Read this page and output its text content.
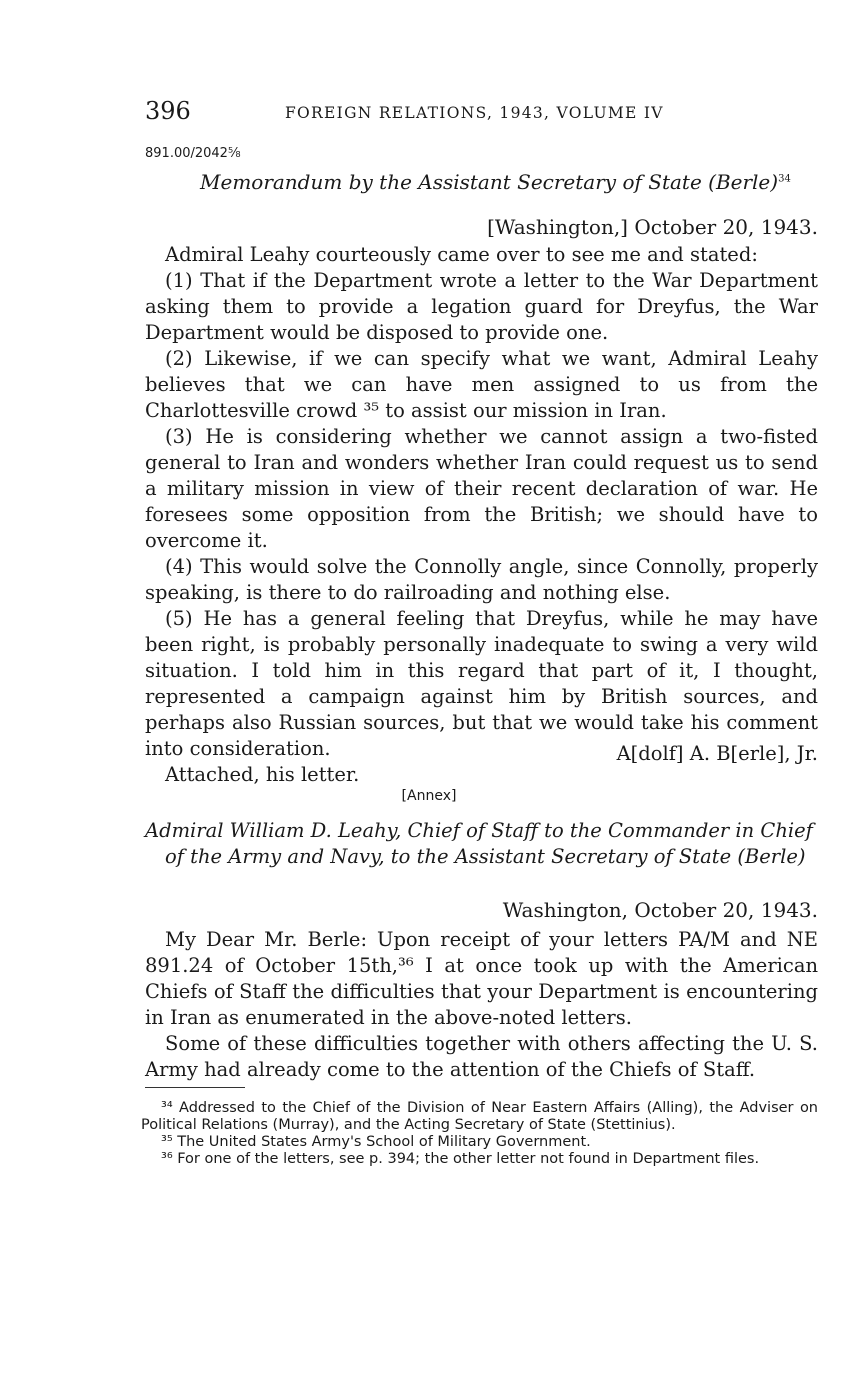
396	FOREIGN RELATIONS, 1943, VOLUME IV
891.00/2042⅝
Memorandum by the Assistant Secretary of State (Berle)$^{34}$
[Washington,] October 20, 1943.

Admiral Leahy courteously came over to see me and stated:

(1) That if the Department wrote a letter to the War Department asking them to provide a legation guard for Dreyfus, the War Department would be disposed to provide one.

(2) Likewise, if we can specify what we want, Admiral Leahy believes that we can have men assigned to us from the Charlottesville crowd ³⁵ to assist our mission in Iran.

(3) He is considering whether we cannot assign a two-fisted general to Iran and wonders whether Iran could request us to send a military mission in view of their recent declaration of war. He foresees some opposition from the British; we should have to overcome it.

(4) This would solve the Connolly angle, since Connolly, properly speaking, is there to do railroading and nothing else.

(5) He has a general feeling that Dreyfus, while he may have been right, is probably personally inadequate to swing a very wild situation. I told him in this regard that part of it, I thought, represented a campaign against him by British sources, and perhaps also Russian sources, but that we would take his comment into consideration.

Attached, his letter.

A[dolf] A. B[erle], Jr.
[Annex]
Admiral William D. Leahy, Chief of Staff to the Commander in Chief of the Army and Navy, to the Assistant Secretary of State (Berle)
Washington, October 20, 1943.

My Dear Mr. Berle: Upon receipt of your letters PA/M and NE 891.24 of October 15th,³⁶ I at once took up with the American Chiefs of Staff the difficulties that your Department is encountering in Iran as enumerated in the above-noted letters.

Some of these difficulties together with others affecting the U. S. Army had already come to the attention of the Chiefs of Staff.

³⁴ Addressed to the Chief of the Division of Near Eastern Affairs (Alling), the Adviser on Political Relations (Murray), and the Acting Secretary of State (Stettinius).

³⁵ The United States Army's School of Military Government.

³⁶ For one of the letters, see p. 394; the other letter not found in Department files.
